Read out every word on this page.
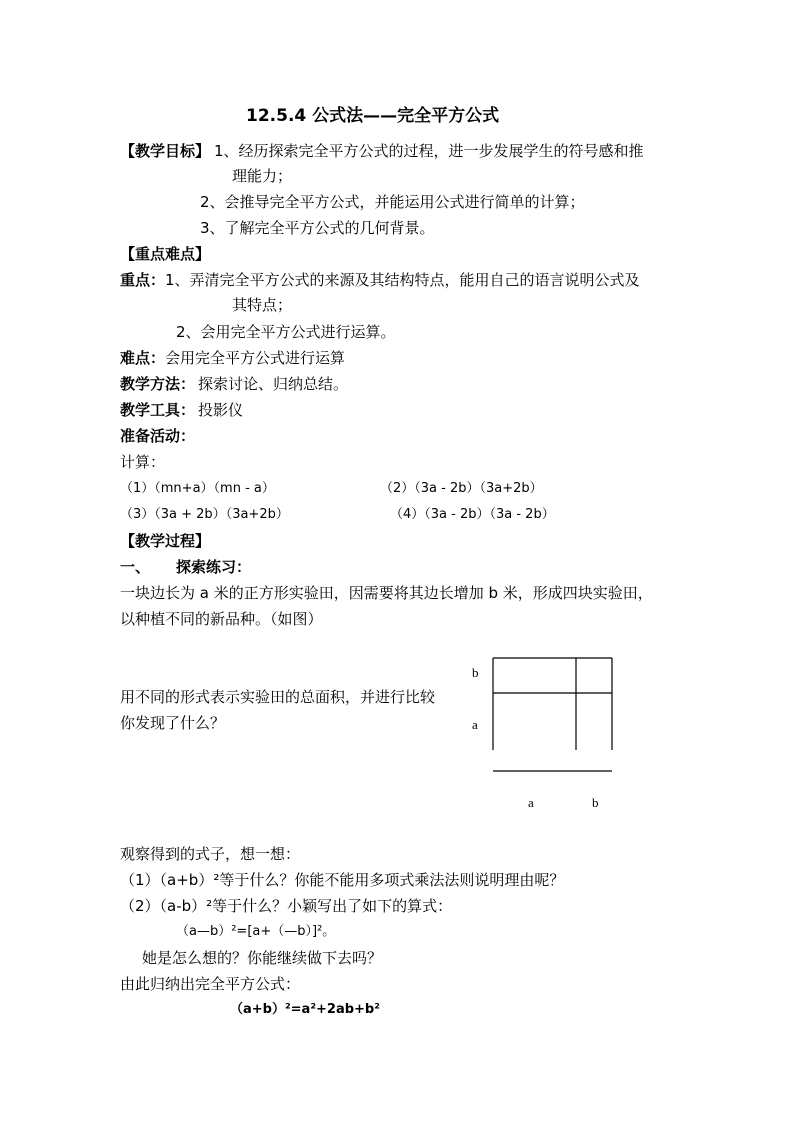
12.5.4 公式法——完全平方公式
【教学目标】 1、经历探索完全平方公式的过程，进一步发展学生的符号感和推
理能力；
2、会推导完全平方公式，并能运用公式进行简单的计算；
3、了解完全平方公式的几何背景。
【重点难点】
重点： 1、弄清完全平方公式的来源及其结构特点，能用自己的语言说明公式及
其特点；
2、会用完全平方公式进行运算。
难点： 会用完全平方公式进行运算
教学方法： 探索讨论、归纳总结。
教学工具： 投影仪
准备活动：
计算：
（1）（mn+a）（mn - a）	（2）（3a - 2b）（3a+2b）
（3）（3a + 2b）（3a+2b）	（4）（3a - 2b）（3a - 2b）
【教学过程】
一、 探索练习：
一块边长为 a 米的正方形实验田，因需要将其边长增加 b 米，形成四块实验田，
以种植不同的新品种。（如图）
用不同的形式表示实验田的总面积，并进行比较
你发现了什么？
b
a
a	b
观察得到的式子，想一想：
（1）（a+b）²等于什么？你能不能用多项式乘法法则说明理由呢？
（2）（a-b）²等于什么？小颖写出了如下的算式：
（a—b）²=[a+（—b）]²。
她是怎么想的？你能继续做下去吗？
由此归纳出完全平方公式：
（a+b）²=a²+2ab+b²
